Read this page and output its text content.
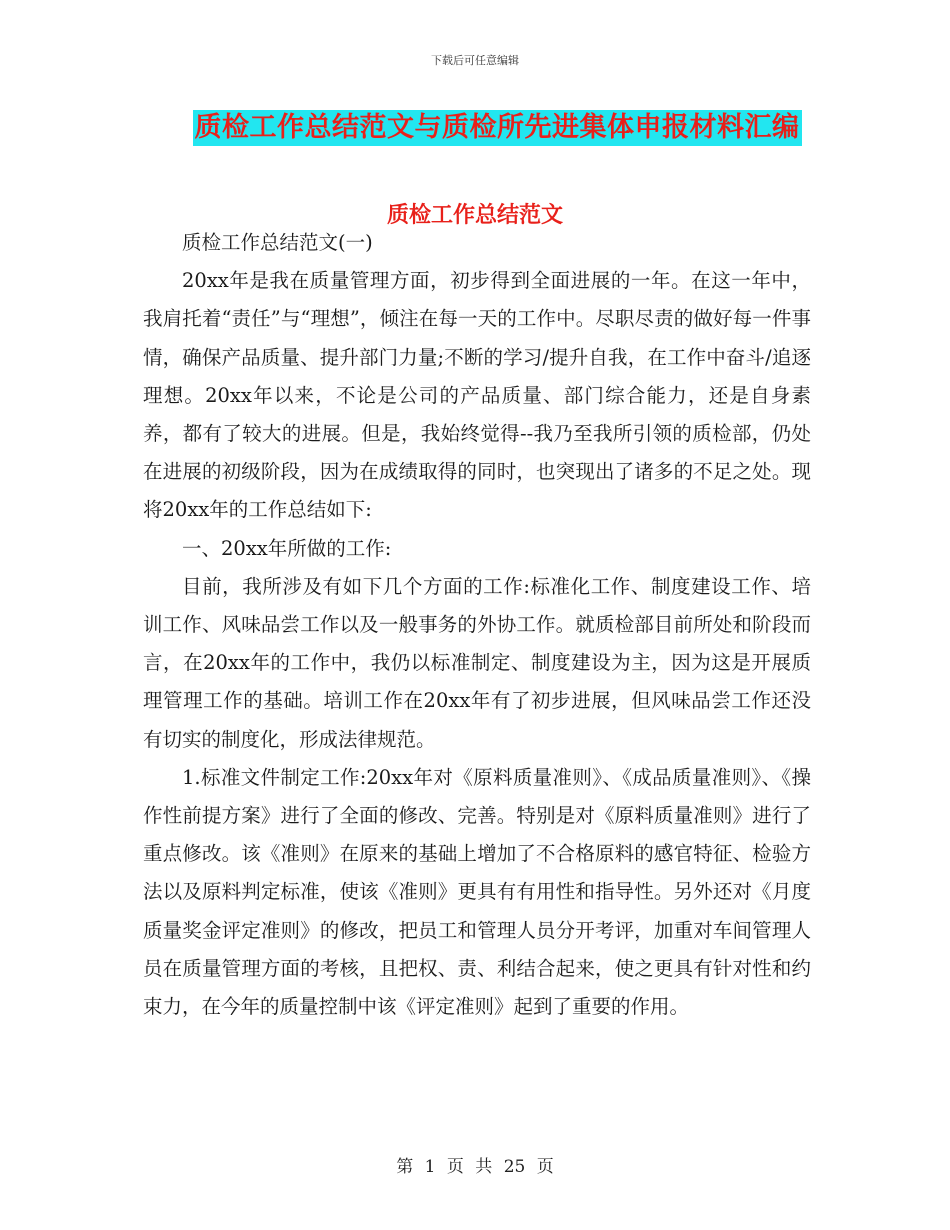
下载后可任意编辑
质检工作总结范文与质检所先进集体申报材料汇编
质检工作总结范文

质检工作总结范文(一)

20xx年是我在质量管理方面，初步得到全面进展的一年。在这一年中，我肩托着“责任”与“理想”，倾注在每一天的工作中。尽职尽责的做好每一件事情，确保产品质量、提升部门力量;不断的学习/提升自我，在工作中奋斗/追逐理想。20xx年以来，不论是公司的产品质量、部门综合能力，还是自身素养，都有了较大的进展。但是，我始终觉得--我乃至我所引领的质检部，仍处在进展的初级阶段，因为在成绩取得的同时，也突现出了诸多的不足之处。现将20xx年的工作总结如下:

一、20xx年所做的工作:

目前，我所涉及有如下几个方面的工作:标准化工作、制度建设工作、培训工作、风味品尝工作以及一般事务的外协工作。就质检部目前所处和阶段而言，在20xx年的工作中，我仍以标准制定、制度建设为主，因为这是开展质理管理工作的基础。培训工作在20xx年有了初步进展，但风味品尝工作还没有切实的制度化，形成法律规范。

1.标准文件制定工作:20xx年对《原料质量准则》、《成品质量准则》、《操作性前提方案》进行了全面的修改、完善。特别是对《原料质量准则》进行了重点修改。该《准则》在原来的基础上增加了不合格原料的感官特征、检验方法以及原料判定标准，使该《准则》更具有有用性和指导性。另外还对《月度质量奖金评定准则》的修改，把员工和管理人员分开考评，加重对车间管理人员在质量管理方面的考核，且把权、责、利结合起来，使之更具有针对性和约束力，在今年的质量控制中该《评定准则》起到了重要的作用。

第 1 页 共 25 页
